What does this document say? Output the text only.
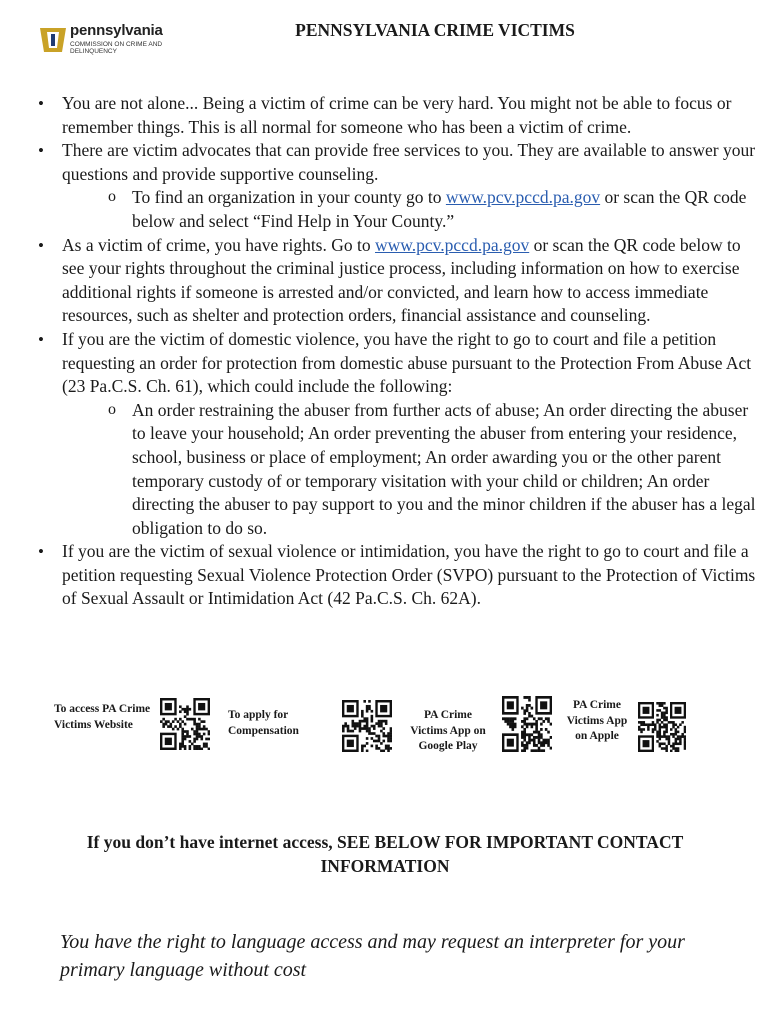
pennsylvania
COMMISSION ON CRIME AND DELINQUENCY
PENNSYLVANIA CRIME VICTIMS
• You are not alone... Being a victim of crime can be very hard. You might not be able to focus or remember things. This is all normal for someone who has been a victim of crime.
• There are victim advocates that can provide free services to you. They are available to answer your questions and provide supportive counseling.
o To find an organization in your county go to www.pcv.pccd.pa.gov or scan the QR code below and select “Find Help in Your County.”
• As a victim of crime, you have rights. Go to www.pcv.pccd.pa.gov or scan the QR code below to see your rights throughout the criminal justice process, including information on how to exercise additional rights if someone is arrested and/or convicted, and learn how to access immediate resources, such as shelter and protection orders, financial assistance and counseling.
• If you are the victim of domestic violence, you have the right to go to court and file a petition requesting an order for protection from domestic abuse pursuant to the Protection From Abuse Act (23 Pa.C.S. Ch. 61), which could include the following:
o An order restraining the abuser from further acts of abuse; An order directing the abuser to leave your household; An order preventing the abuser from entering your residence, school, business or place of employment; An order awarding you or the other parent temporary custody of or temporary visitation with your child or children; An order directing the abuser to pay support to you and the minor children if the abuser has a legal obligation to do so.
• If you are the victim of sexual violence or intimidation, you have the right to go to court and file a petition requesting Sexual Violence Protection Order (SVPO) pursuant to the Protection of Victims of Sexual Assault or Intimidation Act (42 Pa.C.S. Ch. 62A).
To access PA Crime Victims Website
To apply for Compensation
PA Crime Victims App on Google Play
PA Crime Victims App on Apple
If you don’t have internet access, SEE BELOW FOR IMPORTANT CONTACT INFORMATION
You have the right to language access and may request an interpreter for your primary language without cost
